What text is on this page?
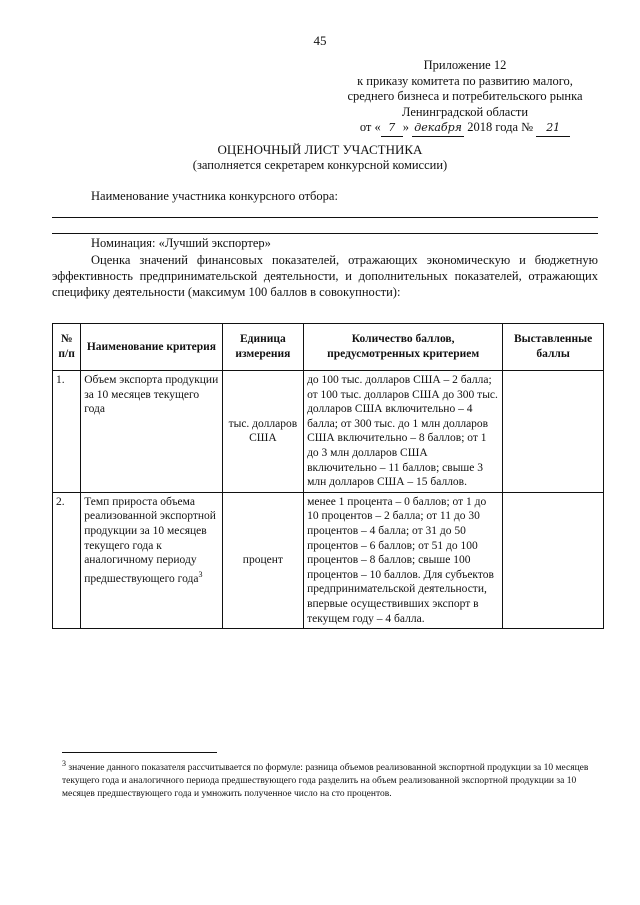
45
Приложение 12
к приказу комитета по развитию малого,
среднего бизнеса и потребительского рынка
Ленинградской области
от « 7 » декабря 2018 года № 21
ОЦЕНОЧНЫЙ ЛИСТ УЧАСТНИКА
(заполняется секретарем конкурсной комиссии)
Наименование участника конкурсного отбора:
Номинация: «Лучший экспортер»
Оценка значений финансовых показателей, отражающих экономическую и бюджетную эффективность предпринимательской деятельности, и дополнительных показателей, отражающих специфику деятельности (максимум 100 баллов в совокупности):
№ п/п	Наименование критерия	Единица измерения	Количество баллов, предусмотренных критерием	Выставленные баллы
1.	Объем экспорта продукции за 10 месяцев текущего года	тыс. долларов США	до 100 тыс. долларов США – 2 балла; от 100 тыс. долларов США до 300 тыс. долларов США включительно – 4 балла; от 300 тыс. до 1 млн долларов США включительно – 8 баллов; от 1 до 3 млн долларов США включительно – 11 баллов; свыше 3 млн долларов США – 15 баллов.	
2.	Темп прироста объема реализованной экспортной продукции за 10 месяцев текущего года к аналогичному периоду предшествующего года$^3$	процент	менее 1 процента – 0 баллов; от 1 до 10 процентов – 2 балла; от 11 до 30 процентов – 4 балла; от 31 до 50 процентов – 6 баллов; от 51 до 100 процентов – 8 баллов; свыше 100 процентов – 10 баллов. Для субъектов предпринимательской деятельности, впервые осуществивших экспорт в текущем году – 4 балла.	
$^3$ значение данного показателя рассчитывается по формуле: разница объемов реализованной экспортной продукции за 10 месяцев текущего года и аналогичного периода предшествующего года разделить на объем реализованной экспортной продукции за 10 месяцев предшествующего года и умножить полученное число на сто процентов.
